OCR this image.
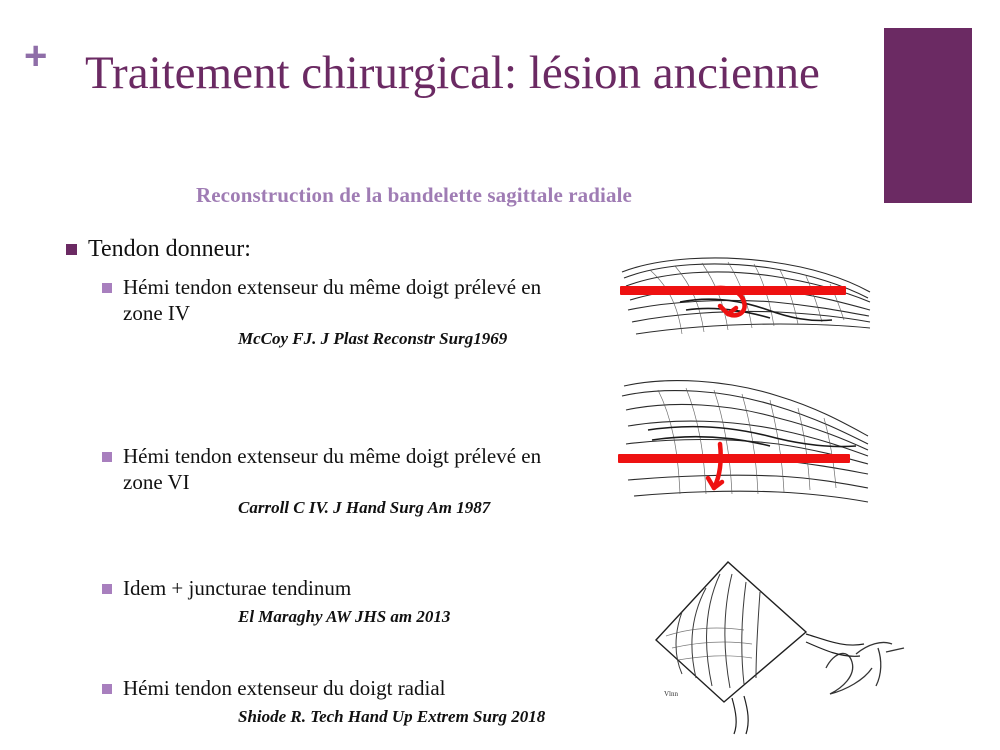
+ Traitement chirurgical: lésion ancienne
Reconstruction de la bandelette sagittale radiale
Tendon donneur:
Hémi tendon extenseur du même doigt prélevé en zone IV
McCoy FJ. J Plast Reconstr Surg1969
Hémi tendon extenseur du même doigt prélevé en zone VI
Carroll C IV. J Hand Surg Am 1987
Idem + juncturae tendinum
El Maraghy AW JHS am 2013
Hémi tendon extenseur du doigt radial
Shiode R. Tech Hand Up Extrem Surg 2018
Vlnn
